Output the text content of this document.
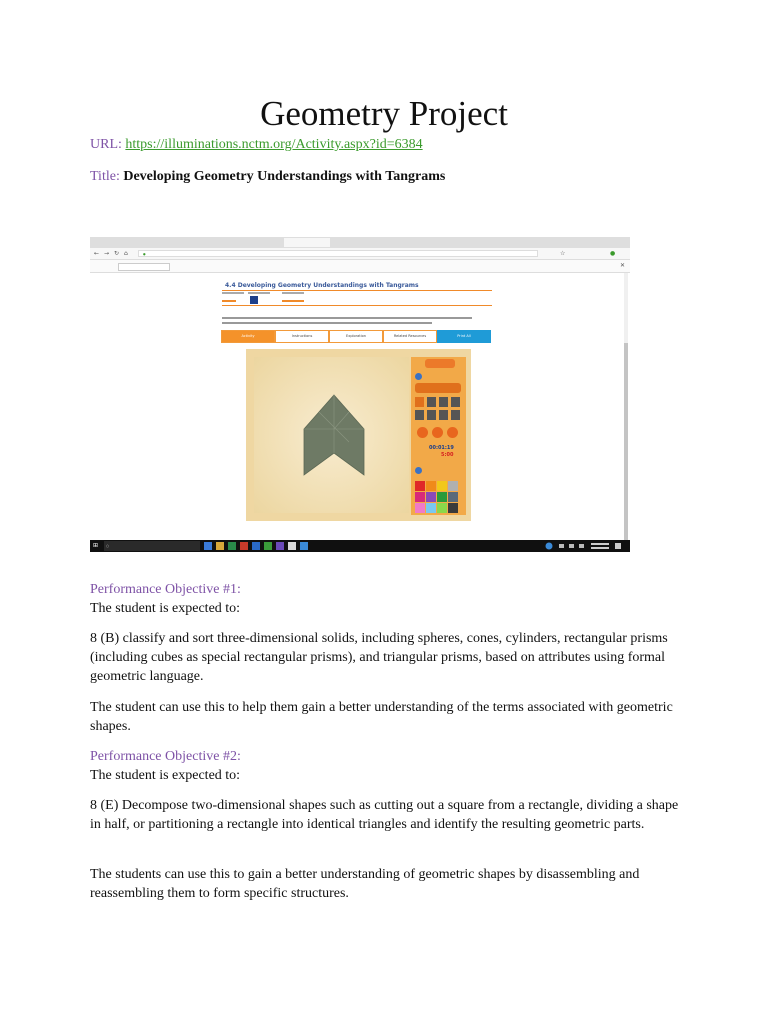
Geometry Project
URL: https://illuminations.nctm.org/Activity.aspx?id=6384
Title: Developing Geometry Understandings with Tangrams
← → ↻ ⌂	●	☆	●
✕
4.4 Developing Geometry Understandings with Tangrams
Activity	Instructions	Exploration	Related Resources	Print All
00:01:19
5:00
⊞ ○
Performance Objective #1:
The student is expected to:
8 (B) classify and sort three-dimensional solids, including spheres, cones, cylinders, rectangular prisms (including cubes as special rectangular prisms), and triangular prisms, based on attributes using formal geometric language.
The student can use this to help them gain a better understanding of the terms associated with geometric shapes.
Performance Objective #2:
The student is expected to:
8 (E) Decompose two-dimensional shapes such as cutting out a square from a rectangle, dividing a shape in half, or partitioning a rectangle into identical triangles and identify the resulting geometric parts.
The students can use this to gain a better understanding of geometric shapes by disassembling and reassembling them to form specific structures.
